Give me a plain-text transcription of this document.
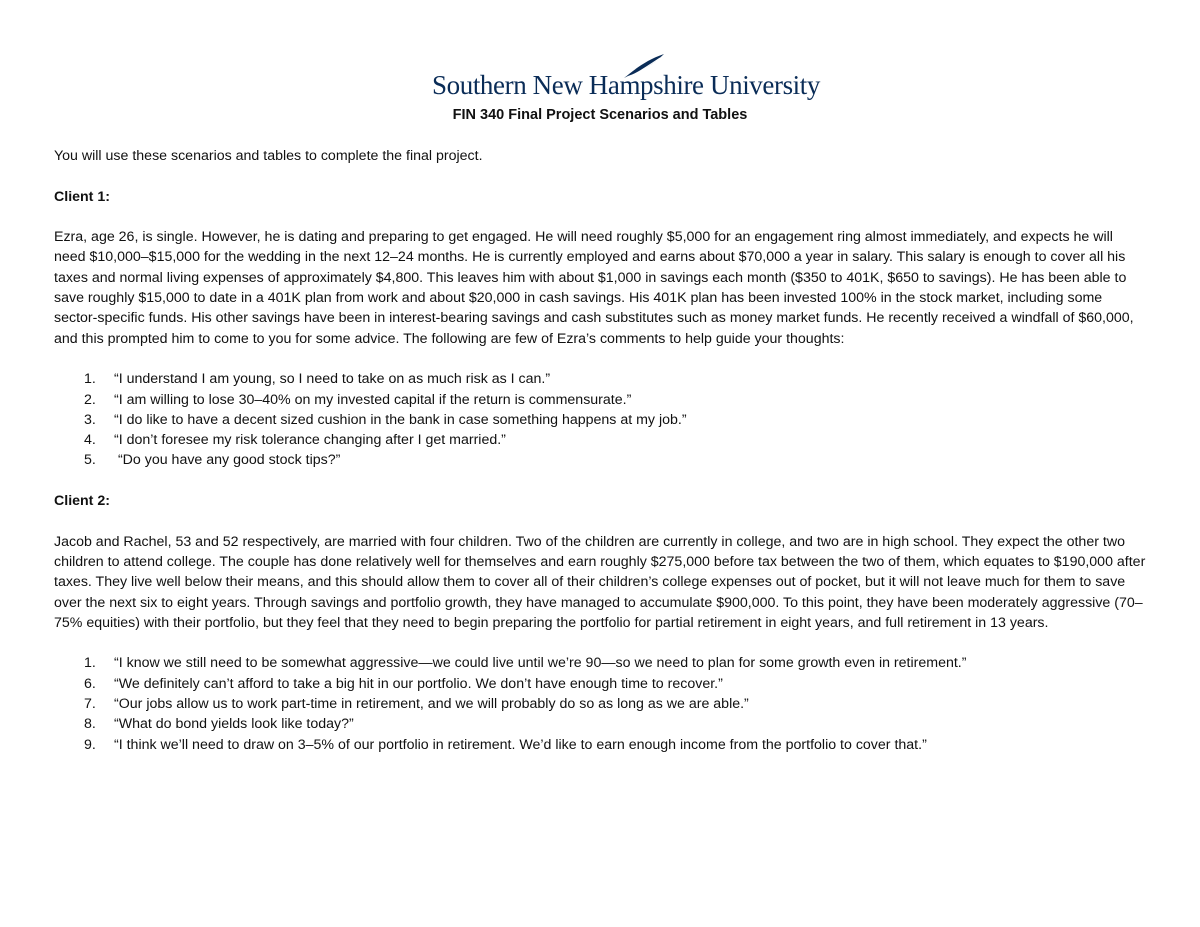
Southern New Hampshire University
FIN 340 Final Project Scenarios and Tables

You will use these scenarios and tables to complete the final project.

Client 1:

Ezra, age 26, is single. However, he is dating and preparing to get engaged. He will need roughly $5,000 for an engagement ring almost immediately, and expects he will need $10,000–$15,000 for the wedding in the next 12–24 months. He is currently employed and earns about $70,000 a year in salary. This salary is enough to cover all his taxes and normal living expenses of approximately $4,800. This leaves him with about $1,000 in savings each month ($350 to 401K, $650 to savings). He has been able to save roughly $15,000 to date in a 401K plan from work and about $20,000 in cash savings. His 401K plan has been invested 100% in the stock market, including some sector-specific funds. His other savings have been in interest-bearing savings and cash substitutes such as money market funds. He recently received a windfall of $60,000, and this prompted him to come to you for some advice. The following are few of Ezra’s comments to help guide your thoughts:

1.	“I understand I am young, so I need to take on as much risk as I can.”
2.	“I am willing to lose 30–40% on my invested capital if the return is commensurate.”
3.	“I do like to have a decent sized cushion in the bank in case something happens at my job.”
4.	“I don’t foresee my risk tolerance changing after I get married.”
5.	“Do you have any good stock tips?”

Client 2:

Jacob and Rachel, 53 and 52 respectively, are married with four children. Two of the children are currently in college, and two are in high school. They expect the other two children to attend college. The couple has done relatively well for themselves and earn roughly $275,000 before tax between the two of them, which equates to $190,000 after taxes. They live well below their means, and this should allow them to cover all of their children’s college expenses out of pocket, but it will not leave much for them to save over the next six to eight years. Through savings and portfolio growth, they have managed to accumulate $900,000. To this point, they have been moderately aggressive (70–75% equities) with their portfolio, but they feel that they need to begin preparing the portfolio for partial retirement in eight years, and full retirement in 13 years.

1.	“I know we still need to be somewhat aggressive—we could live until we’re 90—so we need to plan for some growth even in retirement.”
6.	“We definitely can’t afford to take a big hit in our portfolio. We don’t have enough time to recover.”
7.	“Our jobs allow us to work part-time in retirement, and we will probably do so as long as we are able.”
8.	“What do bond yields look like today?”
9.	“I think we’ll need to draw on 3–5% of our portfolio in retirement. We’d like to earn enough income from the portfolio to cover that.”
